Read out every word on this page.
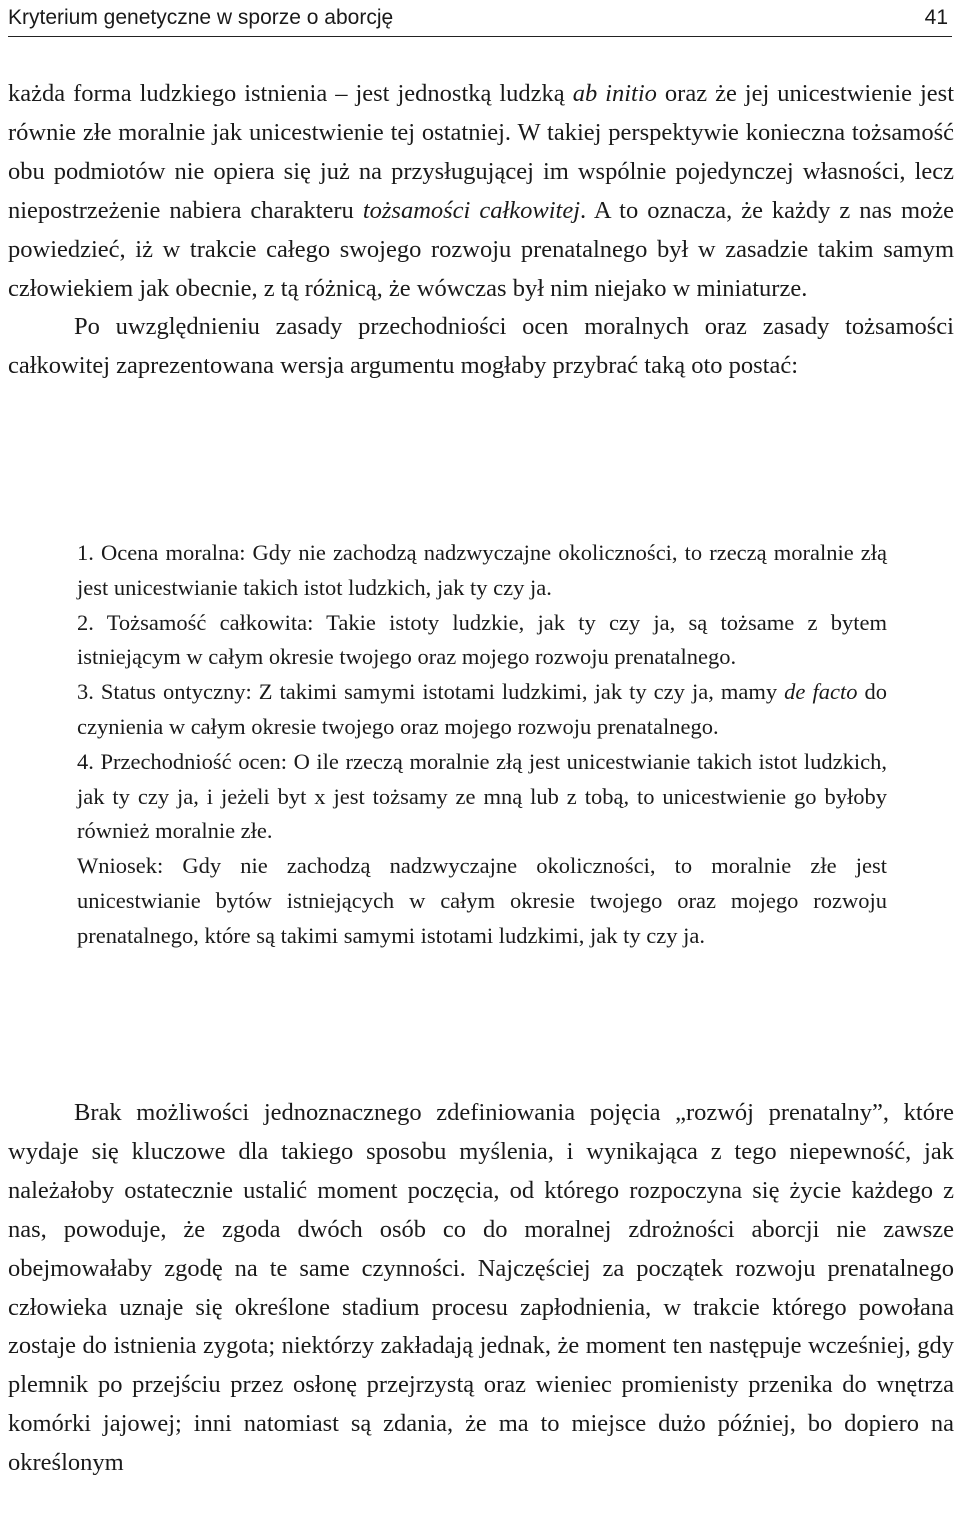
Kryterium genetyczne w sporze o aborcję	41

każda forma ludzkiego istnienia – jest jednostką ludzką ab initio oraz że jej unicestwienie jest równie złe moralnie jak unicestwienie tej ostatniej. W takiej perspektywie konieczna tożsamość obu podmiotów nie opiera się już na przysługującej im wspólnie pojedynczej własności, lecz niepostrzeżenie nabiera charakteru tożsamości całkowitej. A to oznacza, że każdy z nas może powiedzieć, iż w trakcie całego swojego rozwoju prenatalnego był w zasadzie takim samym człowiekiem jak obecnie, z tą różnicą, że wówczas był nim niejako w miniaturze.

Po uwzględnieniu zasady przechodniości ocen moralnych oraz zasady tożsamości całkowitej zaprezentowana wersja argumentu mogłaby przybrać taką oto postać:

1. Ocena moralna: Gdy nie zachodzą nadzwyczajne okoliczności, to rzeczą moralnie złą jest unicestwianie takich istot ludzkich, jak ty czy ja.

2. Tożsamość całkowita: Takie istoty ludzkie, jak ty czy ja, są tożsame z bytem istniejącym w całym okresie twojego oraz mojego rozwoju prenatalnego.

3. Status ontyczny: Z takimi samymi istotami ludzkimi, jak ty czy ja, mamy de facto do czynienia w całym okresie twojego oraz mojego rozwoju prenatalnego.

4. Przechodniość ocen: O ile rzeczą moralnie złą jest unicestwianie takich istot ludzkich, jak ty czy ja, i jeżeli byt x jest tożsamy ze mną lub z tobą, to unicestwienie go byłoby również moralnie złe.

Wniosek: Gdy nie zachodzą nadzwyczajne okoliczności, to moralnie złe jest unicestwianie bytów istniejących w całym okresie twojego oraz mojego rozwoju prenatalnego, które są takimi samymi istotami ludzkimi, jak ty czy ja.

Brak możliwości jednoznacznego zdefiniowania pojęcia „rozwój prenatalny”, które wydaje się kluczowe dla takiego sposobu myślenia, i wynikająca z tego niepewność, jak należałoby ostatecznie ustalić moment poczęcia, od którego rozpoczyna się życie każdego z nas, powoduje, że zgoda dwóch osób co do moralnej zdrożności aborcji nie zawsze obejmowałaby zgodę na te same czynności. Najczęściej za początek rozwoju prenatalnego człowieka uznaje się określone stadium procesu zapłodnienia, w trakcie którego powołana zostaje do istnienia zygota; niektórzy zakładają jednak, że moment ten następuje wcześniej, gdy plemnik po przejściu przez osłonę przejrzystą oraz wieniec promienisty przenika do wnętrza komórki jajowej; inni natomiast są zdania, że ma to miejsce dużo później, bo dopiero na określonym
